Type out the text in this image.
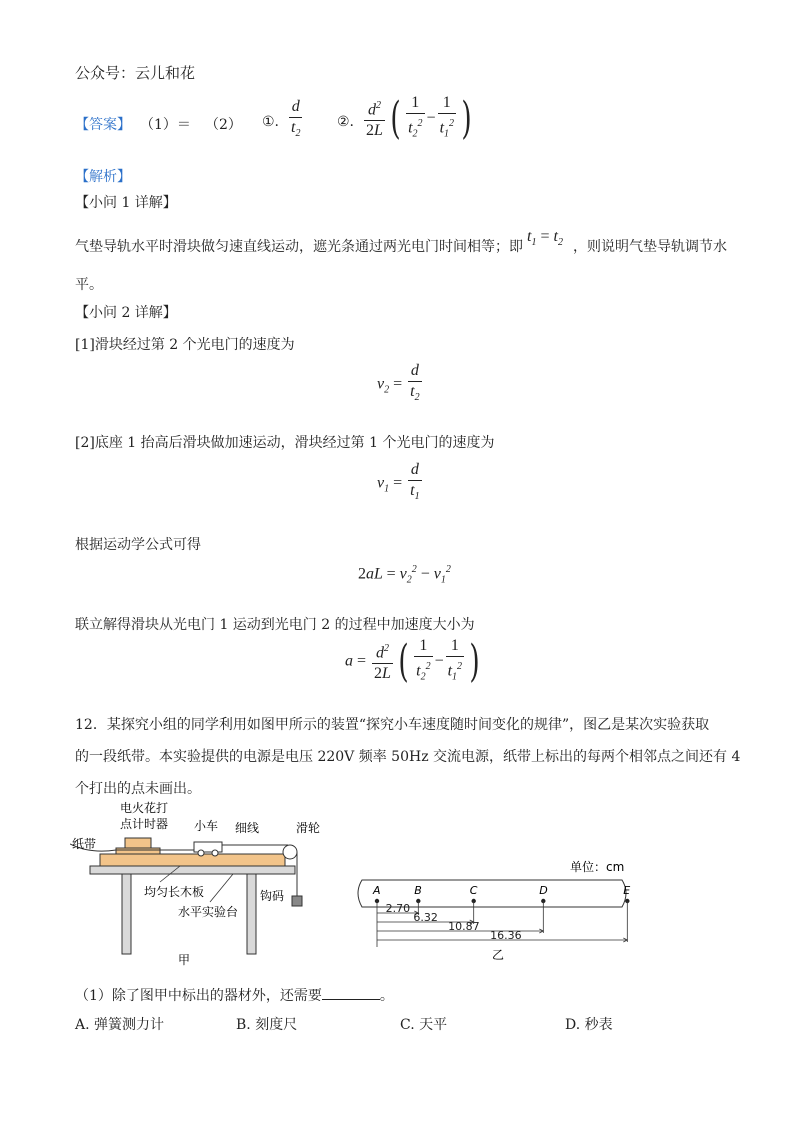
公众号：云儿和花
【答案】 （1）＝ （2） ①. $\frac{d}{t_2}$ ②. $\frac{d^2}{2L}$ ( $\frac{1}{t_2^2} - \frac{1}{t_1^2}$ )
【解析】
【小问 1 详解】
气垫导轨水平时滑块做匀速直线运动，遮光条通过两光电门时间相等；即
$t_1 = t_2$ ，则说明气垫导轨调节水
平。
【小问 2 详解】
[1]滑块经过第 2 个光电门的速度为
$v_2 = \frac{d}{t_2}$
[2]底座 1 抬高后滑块做加速运动，滑块经过第 1 个光电门的速度为
$v_1 = \frac{d}{t_1}$
根据运动学公式可得
$2aL = v_2^2 - v_1^2$
联立解得滑块从光电门 1 运动到光电门 2 的过程中加速度大小为
$a = \frac{d^2}{2L}$ ( $\frac{1}{t_2^2} - \frac{1}{t_1^2}$ )
12．某探究小组的同学利用如图甲所示的装置“探究小车速度随时间变化的规律”，图乙是某次实验获取
的一段纸带。本实验提供的电源是电压 220V 频率 50Hz 交流电源，纸带上标出的每两个相邻点之间还有 4
个打出的点未画出。
电火花打
点计时器 小车 细线	滑轮
纸带
均匀长木板	钩码
水平实验台
甲
单位：cm
A	B	C	D	E
2.70
6.32
10.87
16.36
乙
（1）除了图甲中标出的器材外，还需要	。
A. 弹簧测力计	B. 刻度尺	C. 天平	D. 秒表
